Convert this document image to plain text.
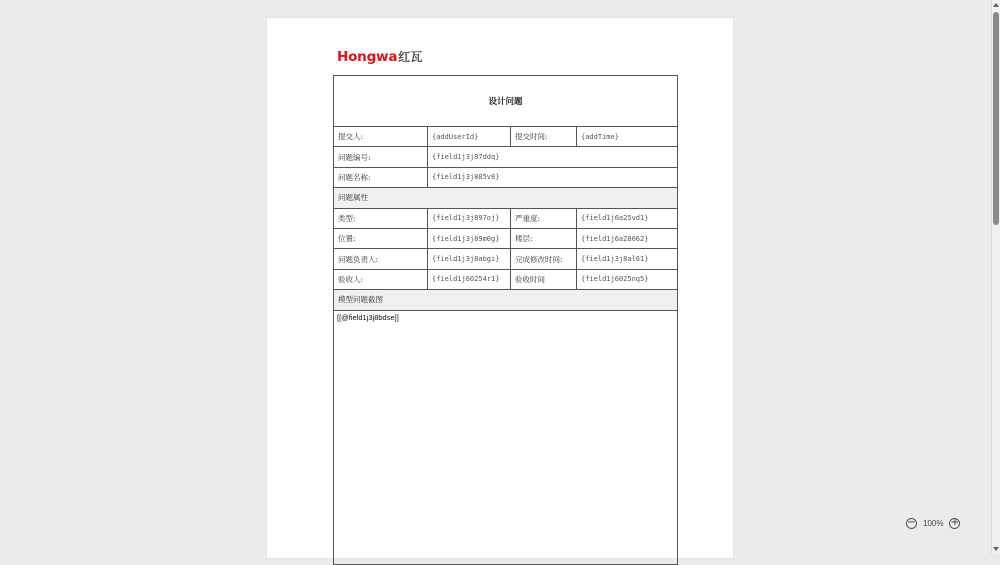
Hongwa 红瓦
设计问题
提交人:	{addUserId}	提交时间:	{addTime}
问题编号:	{field1j3j87ddq}
问题名称:	{field1j3j885v8}
问题属性
类型:	{field1j3j897oj}	严重度:	{field1j6a25vd1}
位置:	{field1j3j89m0g}	楼层:	{field1j6a28062}
问题负责人:	{field1j3j8abgi}	完成修改时间:	{field1j3j8al61}
验收人:	{field1j60254r1}	验收时间	{field1j6025nq5}
模型问题截图
[[@field1j3j8bdse]]
− 100% +
